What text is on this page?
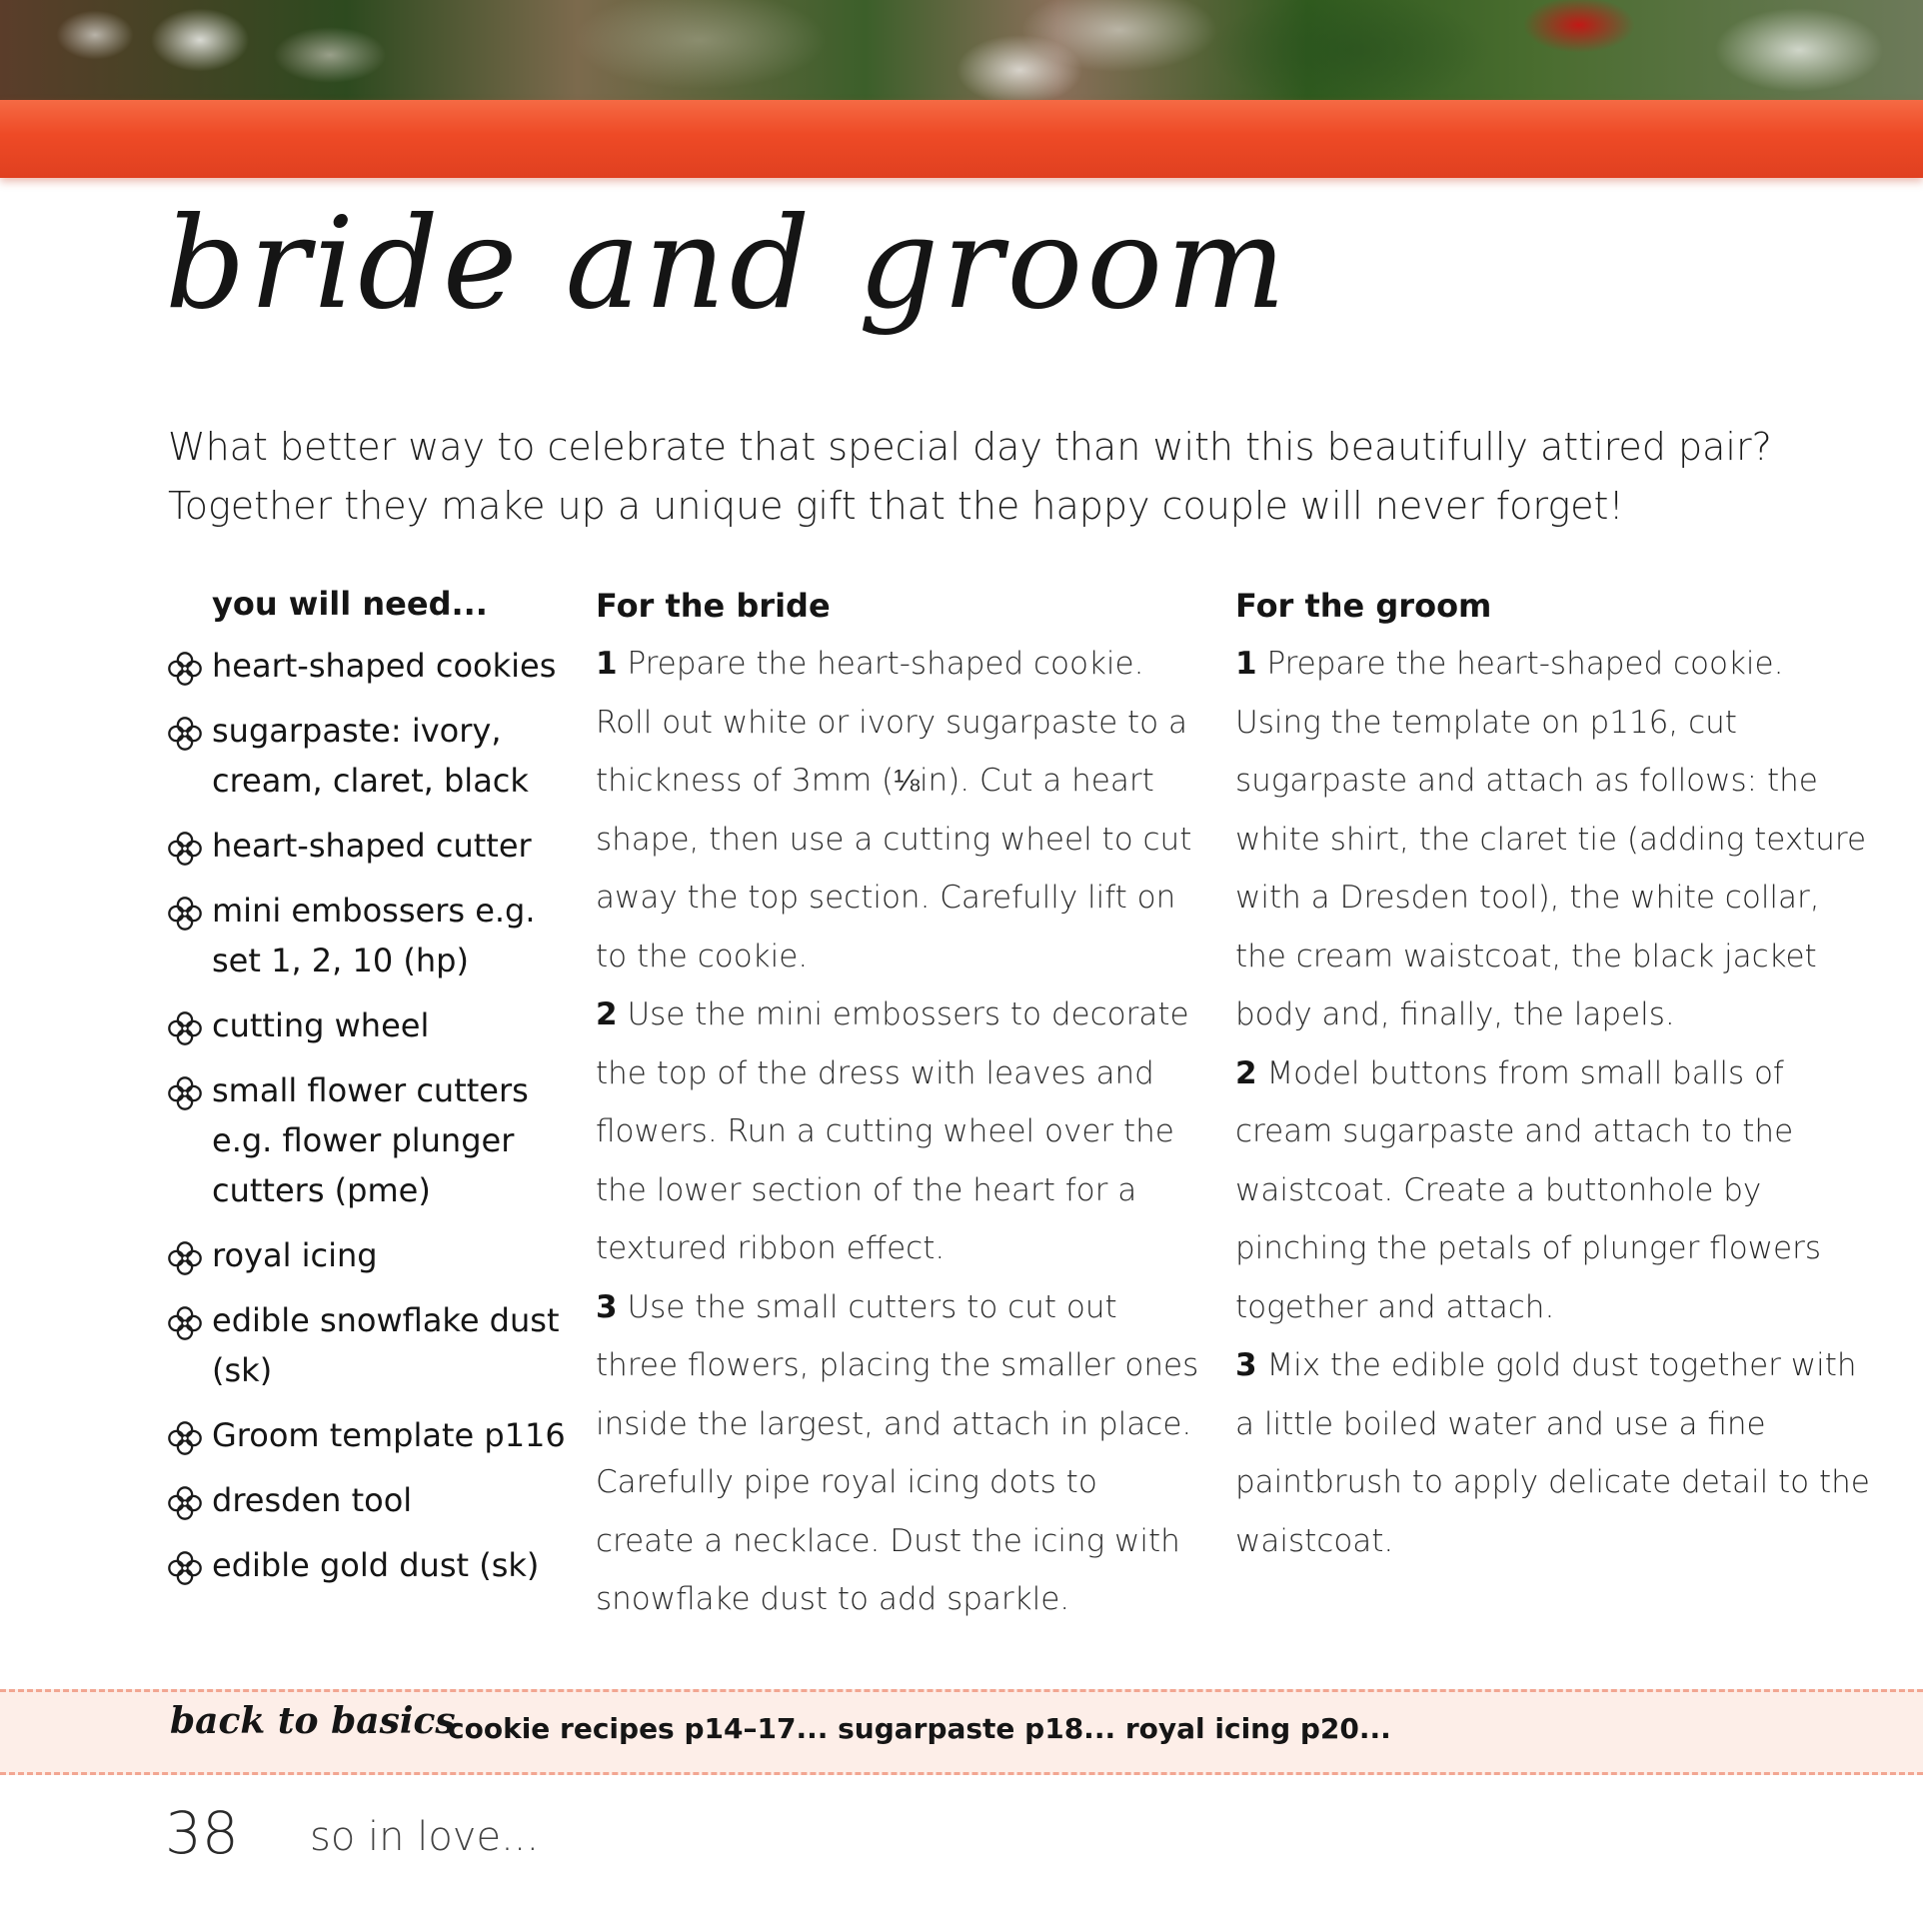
bride and groom
What better way to celebrate that special day than with this beautifully attired pair? Together they make up a unique gift that the happy couple will never forget!
you will need...
heart-shaped cookies
sugarpaste: ivory, cream, claret, black
heart-shaped cutter
mini embossers e.g. set 1, 2, 10 (hp)
cutting wheel
small flower cutters e.g. flower plunger cutters (pme)
royal icing
edible snowflake dust (sk)
Groom template p116
dresden tool
edible gold dust (sk)
For the bride

1 Prepare the heart-shaped cookie. Roll out white or ivory sugarpaste to a thickness of 3mm (⅛in). Cut a heart shape, then use a cutting wheel to cut away the top section. Carefully lift on to the cookie.
2 Use the mini embossers to decorate the top of the dress with leaves and flowers. Run a cutting wheel over the the lower section of the heart for a textured ribbon effect.
3 Use the small cutters to cut out three flowers, placing the smaller ones inside the largest, and attach in place. Carefully pipe royal icing dots to create a necklace. Dust the icing with snowflake dust to add sparkle.

For the groom

1 Prepare the heart-shaped cookie. Using the template on p116, cut sugarpaste and attach as follows: the white shirt, the claret tie (adding texture with a Dresden tool), the white collar, the cream waistcoat, the black jacket body and, finally, the lapels.
2 Model buttons from small balls of cream sugarpaste and attach to the waistcoat. Create a buttonhole by pinching the petals of plunger flowers together and attach.
3 Mix the edible gold dust together with a little boiled water and use a fine paintbrush to apply delicate detail to the waistcoat.

back to basics
cookie recipes p14–17... sugarpaste p18... royal icing p20...
38 so in love...
